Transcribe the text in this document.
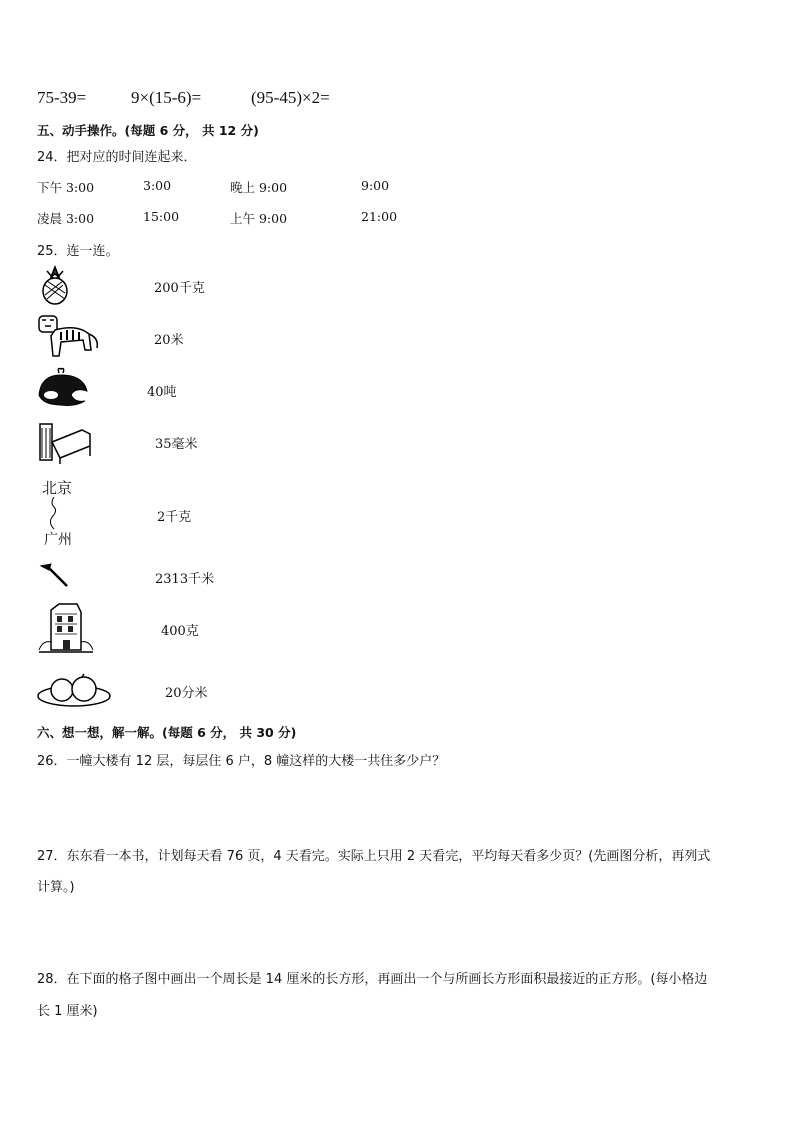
75-39=	9×(15-6)=	(95-45)×2=
五、动手操作。(每题 6 分， 共 12 分)
24．把对应的时间连起来．
下午 3:00	3:00	晚上 9:00	9:00
凌晨 3:00	15:00	上午 9:00	21:00
25．连一连。
北京
广州
200千克
20米
40吨
35毫米
2千克
2313千米
400克
20分米
六、想一想，解一解。(每题 6 分， 共 30 分)
26．一幢大楼有 12 层，每层住 6 户，8 幢这样的大楼一共住多少户？
27．东东看一本书，计划每天看 76 页，4 天看完。实际上只用 2 天看完，平均每天看多少页？(先画图分析，再列式
计算。)
28．在下面的格子图中画出一个周长是 14 厘米的长方形，再画出一个与所画长方形面积最接近的正方形。(每小格边
长 1 厘米)
